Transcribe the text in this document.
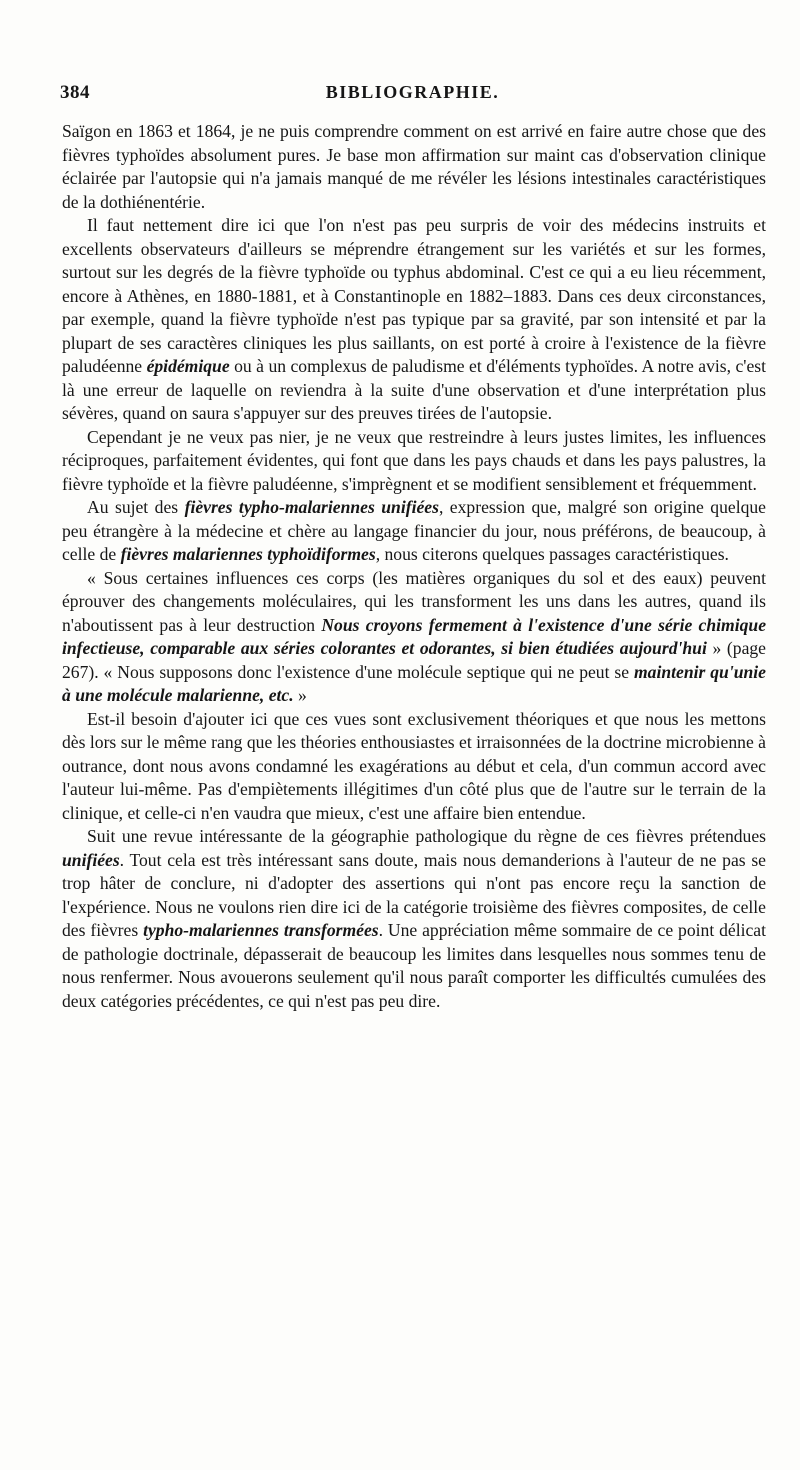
384	BIBLIOGRAPHIE.

Saïgon en 1863 et 1864, je ne puis comprendre comment on est arrivé en faire autre chose que des fièvres typhoïdes absolument pures. Je base mon affirmation sur maint cas d'observation clinique éclairée par l'autopsie qui n'a jamais manqué de me révéler les lésions intestinales caractéristiques de la dothiénentérie.

Il faut nettement dire ici que l'on n'est pas peu surpris de voir des médecins instruits et excellents observateurs d'ailleurs se méprendre étrangement sur les variétés et sur les formes, surtout sur les degrés de la fièvre typhoïde ou typhus abdominal. C'est ce qui a eu lieu récemment, encore à Athènes, en 1880-1881, et à Constantinople en 1882–1883. Dans ces deux circonstances, par exemple, quand la fièvre typhoïde n'est pas typique par sa gravité, par son intensité et par la plupart de ses caractères cliniques les plus saillants, on est porté à croire à l'existence de la fièvre paludéenne épidémique ou à un complexus de paludisme et d'éléments typhoïdes. A notre avis, c'est là une erreur de laquelle on reviendra à la suite d'une observation et d'une interprétation plus sévères, quand on saura s'appuyer sur des preuves tirées de l'autopsie.

Cependant je ne veux pas nier, je ne veux que restreindre à leurs justes limites, les influences réciproques, parfaitement évidentes, qui font que dans les pays chauds et dans les pays palustres, la fièvre typhoïde et la fièvre paludéenne, s'imprègnent et se modifient sensiblement et fréquemment.

Au sujet des fièvres typho-malariennes unifiées, expression que, malgré son origine quelque peu étrangère à la médecine et chère au langage financier du jour, nous préférons, de beaucoup, à celle de fièvres malariennes typhoïdiformes, nous citerons quelques passages caractéristiques.

« Sous certaines influences ces corps (les matières organiques du sol et des eaux) peuvent éprouver des changements moléculaires, qui les transforment les uns dans les autres, quand ils n'aboutissent pas à leur destruction Nous croyons fermement à l'existence d'une série chimique infectieuse, comparable aux séries colorantes et odorantes, si bien étudiées aujourd'hui » (page 267). « Nous supposons donc l'existence d'une molécule septique qui ne peut se maintenir qu'unie à une molécule malarienne, etc. »

Est-il besoin d'ajouter ici que ces vues sont exclusivement théoriques et que nous les mettons dès lors sur le même rang que les théories enthousiastes et irraisonnées de la doctrine microbienne à outrance, dont nous avons condamné les exagérations au début et cela, d'un commun accord avec l'auteur lui-même. Pas d'empiètements illégitimes d'un côté plus que de l'autre sur le terrain de la clinique, et celle-ci n'en vaudra que mieux, c'est une affaire bien entendue.

Suit une revue intéressante de la géographie pathologique du règne de ces fièvres prétendues unifiées. Tout cela est très intéressant sans doute, mais nous demanderions à l'auteur de ne pas se trop hâter de conclure, ni d'adopter des assertions qui n'ont pas encore reçu la sanction de l'expérience. Nous ne voulons rien dire ici de la catégorie troisième des fièvres composites, de celle des fièvres typho-malariennes transformées. Une appréciation même sommaire de ce point délicat de pathologie doctrinale, dépasserait de beaucoup les limites dans lesquelles nous sommes tenu de nous renfermer. Nous avouerons seulement qu'il nous paraît comporter les difficultés cumulées des deux catégories précédentes, ce qui n'est pas peu dire.
